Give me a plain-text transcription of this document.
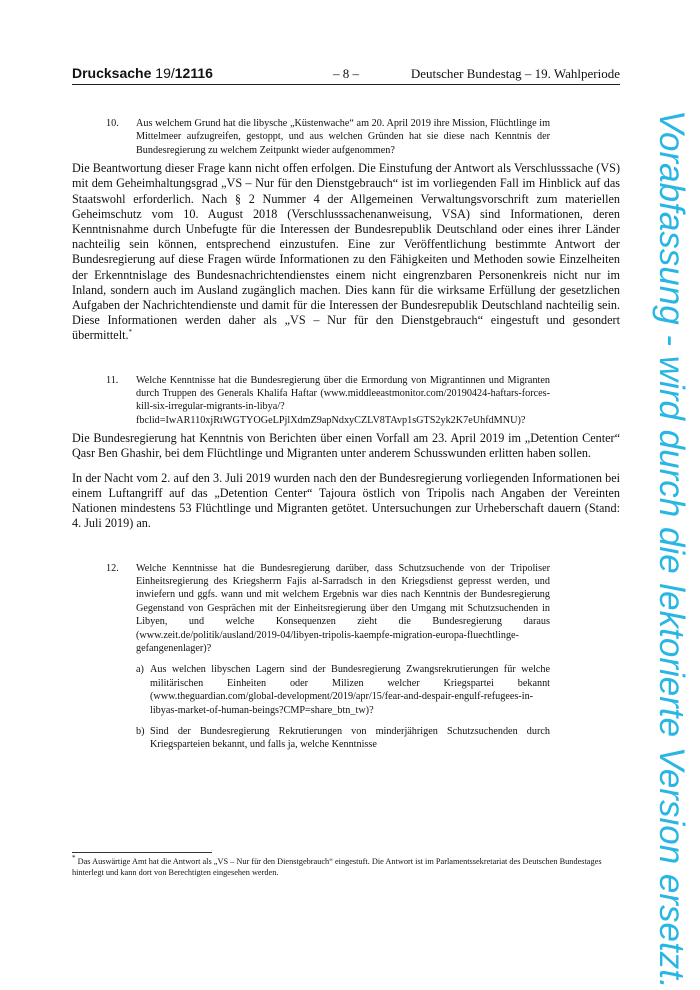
Drucksache 19/12116	– 8 –	Deutscher Bundestag – 19. Wahlperiode
10.	Aus welchem Grund hat die libysche „Küstenwache“ am 20. April 2019 ihre Mission, Flüchtlinge im Mittelmeer aufzugreifen, gestoppt, und aus welchen Gründen hat sie diese nach Kenntnis der Bundesregierung zu welchem Zeitpunkt wieder aufgenommen?

Die Beantwortung dieser Frage kann nicht offen erfolgen. Die Einstufung der Antwort als Verschlusssache (VS) mit dem Geheimhaltungsgrad „VS – Nur für den Dienstgebrauch“ ist im vorliegenden Fall im Hinblick auf das Staatswohl erforderlich. Nach § 2 Nummer 4 der Allgemeinen Verwaltungsvorschrift zum materiellen Geheimschutz vom 10. August 2018 (Verschlusssachenanweisung, VSA) sind Informationen, deren Kenntnisnahme durch Unbefugte für die Interessen der Bundesrepublik Deutschland oder eines ihrer Länder nachteilig sein können, entsprechend einzustufen. Eine zur Veröffentlichung bestimmte Antwort der Bundesregierung auf diese Fragen würde Informationen zu den Fähigkeiten und Methoden sowie Einzelheiten der Erkenntnislage des Bundesnachrichtendienstes einem nicht eingrenzbaren Personenkreis nicht nur im Inland, sondern auch im Ausland zugänglich machen. Dies kann für die wirksame Erfüllung der gesetzlichen Aufgaben der Nachrichtendienste und damit für die Interessen der Bundesrepublik Deutschland nachteilig sein. Diese Informationen werden daher als „VS – Nur für den Dienstgebrauch“ eingestuft und gesondert übermittelt.*

11.	Welche Kenntnisse hat die Bundesregierung über die Ermordung von Migrantinnen und Migranten durch Truppen des Generals Khalifa Haftar (www.middleeastmonitor.com/20190424-haftars-forces-kill-six-irregular-migrants-in-libya/?fbclid=IwAR110xjRtWGTYOGeLPjlXdmZ9apNdxyCZLV8TAvp1sGTS2yk2K7eUhfdMNU)?

Die Bundesregierung hat Kenntnis von Berichten über einen Vorfall am 23. April 2019 im „Detention Center“ Qasr Ben Ghashir, bei dem Flüchtlinge und Migranten unter anderem Schusswunden erlitten haben sollen.

In der Nacht vom 2. auf den 3. Juli 2019 wurden nach den der Bundesregierung vorliegenden Informationen bei einem Luftangriff auf das „Detention Center“ Tajoura östlich von Tripolis nach Angaben der Vereinten Nationen mindestens 53 Flüchtlinge und Migranten getötet. Untersuchungen zur Urheberschaft dauern (Stand: 4. Juli 2019) an.

12.	Welche Kenntnisse hat die Bundesregierung darüber, dass Schutzsuchende von der Tripoliser Einheitsregierung des Kriegsherrn Fajis al-Sarradsch in den Kriegsdienst gepresst werden, und inwiefern und ggfs. wann und mit welchem Ergebnis war dies nach Kenntnis der Bundesregierung Gegenstand von Gesprächen mit der Einheitsregierung über den Umgang mit Schutzsuchenden in Libyen, und welche Konsequenzen zieht die Bundesregierung daraus (www.zeit.de/politik/ausland/2019-04/libyen-tripolis-kaempfe-migration-europa-fluechtlinge-gefangenenlager)?
a) Aus welchen libyschen Lagern sind der Bundesregierung Zwangsrekrutierungen für welche militärischen Einheiten oder Milizen welcher Kriegspartei bekannt (www.theguardian.com/global-development/2019/apr/15/fear-and-despair-engulf-refugees-in-libyas-market-of-human-beings?CMP=share_btn_tw)?
b) Sind der Bundesregierung Rekrutierungen von minderjährigen Schutzsuchenden durch Kriegsparteien bekannt, und falls ja, welche Kenntnisse
* Das Auswärtige Amt hat die Antwort als „VS – Nur für den Dienstgebrauch“ eingestuft. Die Antwort ist im Parlamentssekretariat des Deutschen Bundestages hinterlegt und kann dort von Berechtigten eingesehen werden.	Vorabfassung - wird durch die lektorierte Version ersetzt.
